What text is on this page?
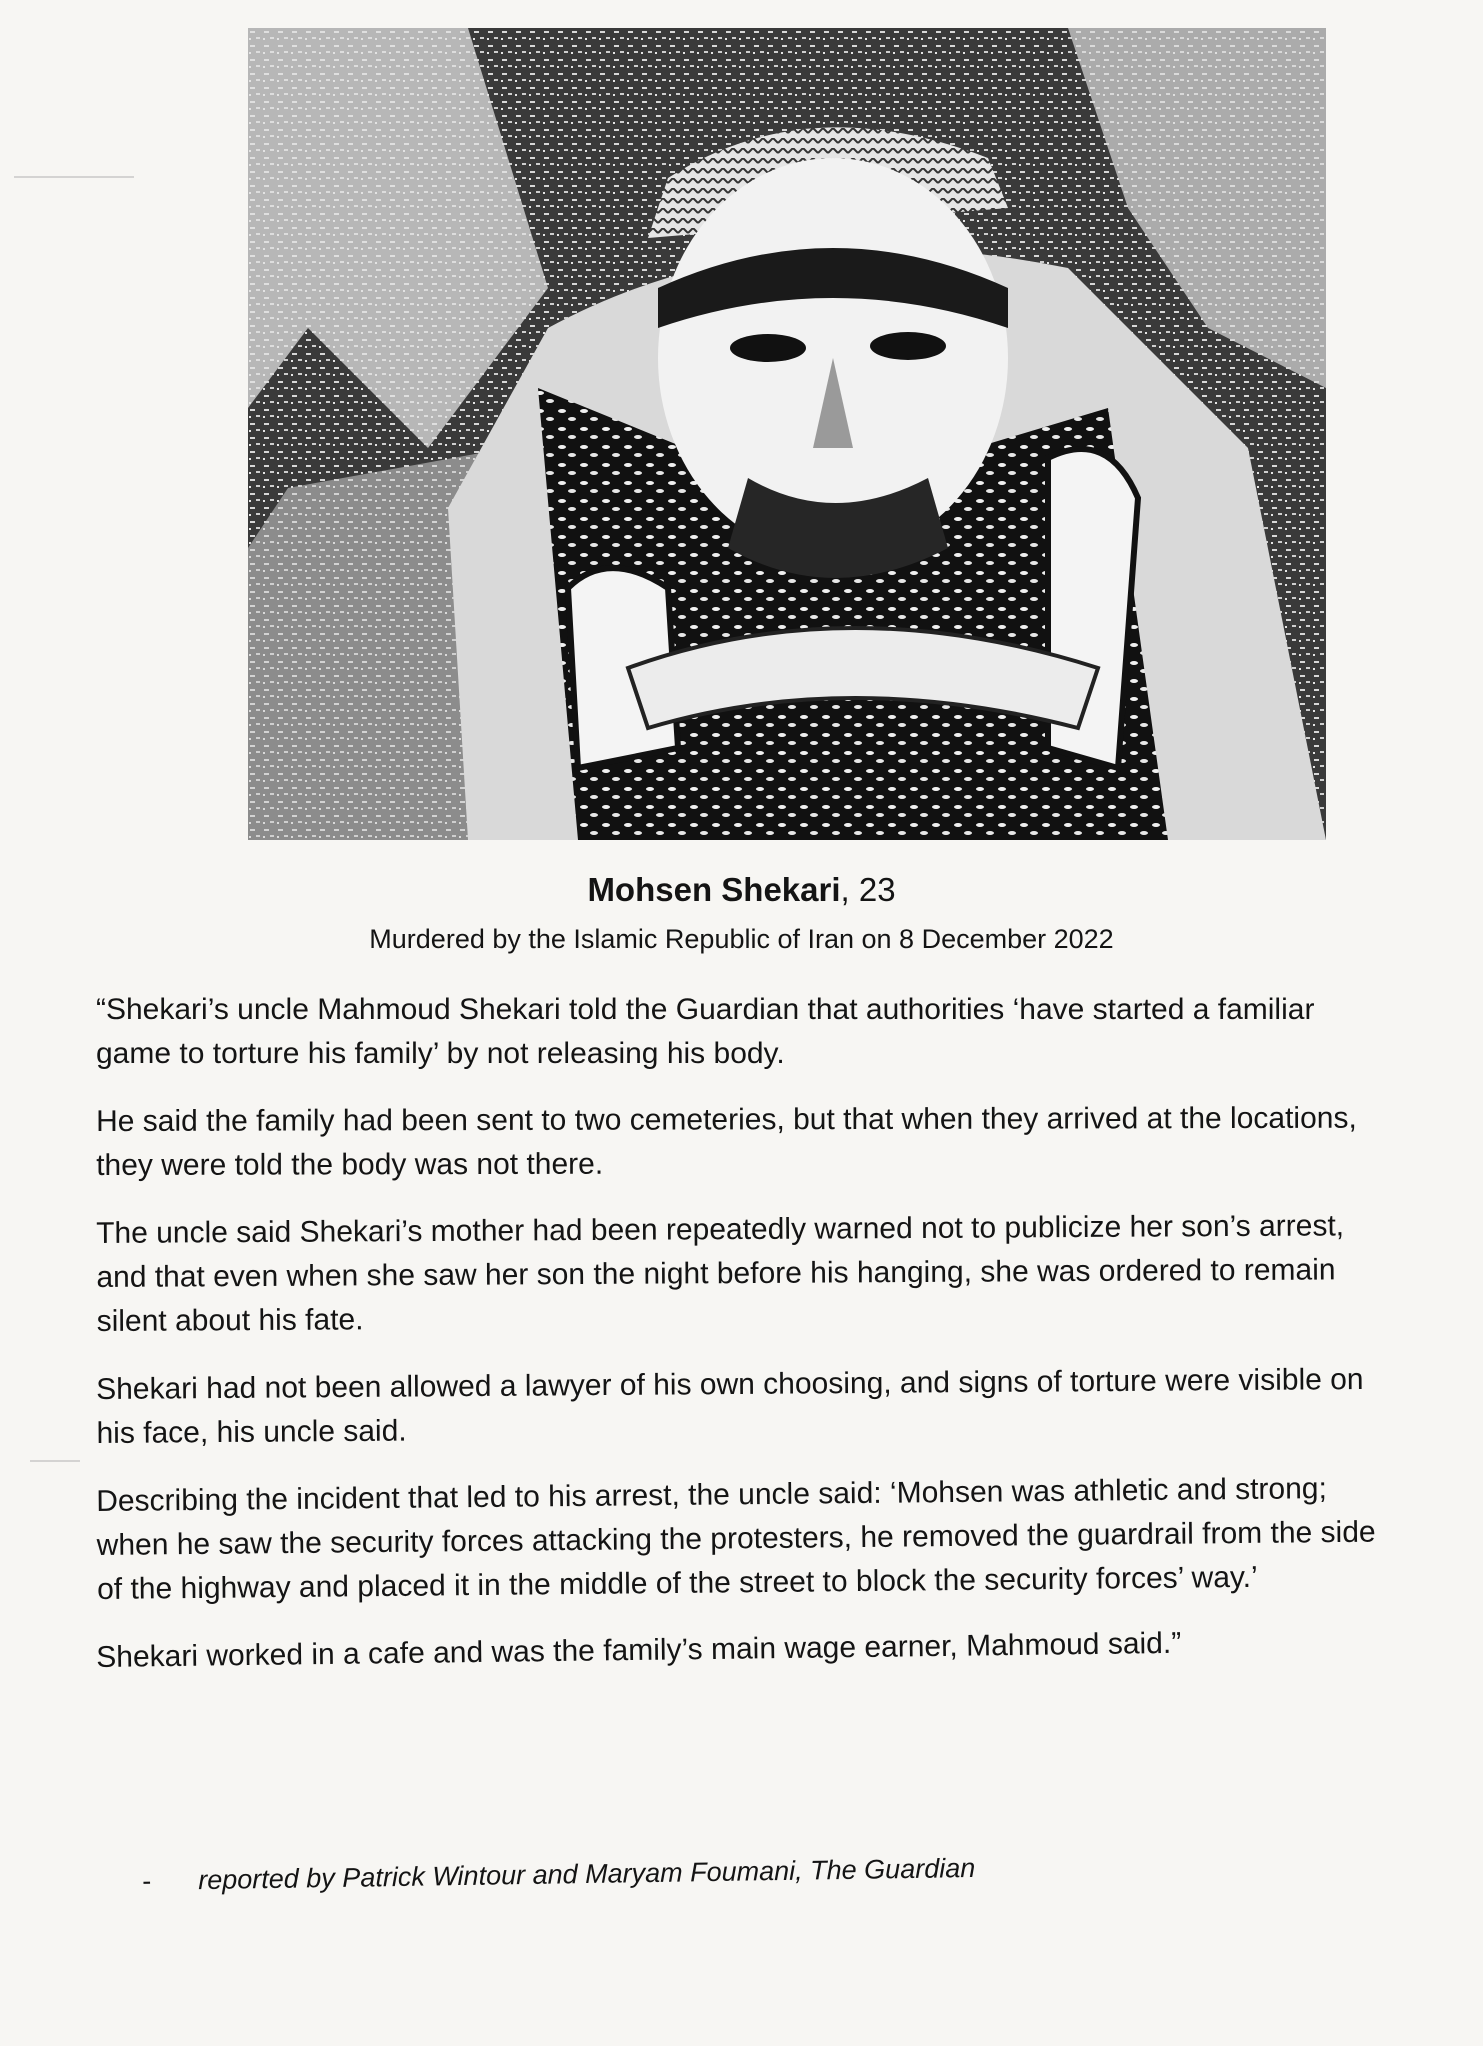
Mohsen Shekari, 23
Murdered by the Islamic Republic of Iran on 8 December 2022

“Shekari’s uncle Mahmoud Shekari told the Guardian that authorities ‘have started a familiar game to torture his family’ by not releasing his body.

He said the family had been sent to two cemeteries, but that when they arrived at the locations, they were told the body was not there.

The uncle said Shekari’s mother had been repeatedly warned not to publicize her son’s arrest, and that even when she saw her son the night before his hanging, she was ordered to remain silent about his fate.

Shekari had not been allowed a lawyer of his own choosing, and signs of torture were visible on his face, his uncle said.

Describing the incident that led to his arrest, the uncle said: ‘Mohsen was athletic and strong; when he saw the security forces attacking the protesters, he removed the guardrail from the side of the highway and placed it in the middle of the street to block the security forces’ way.’

Shekari worked in a cafe and was the family’s main wage earner, Mahmoud said.”

- reported by Patrick Wintour and Maryam Foumani, The Guardian
